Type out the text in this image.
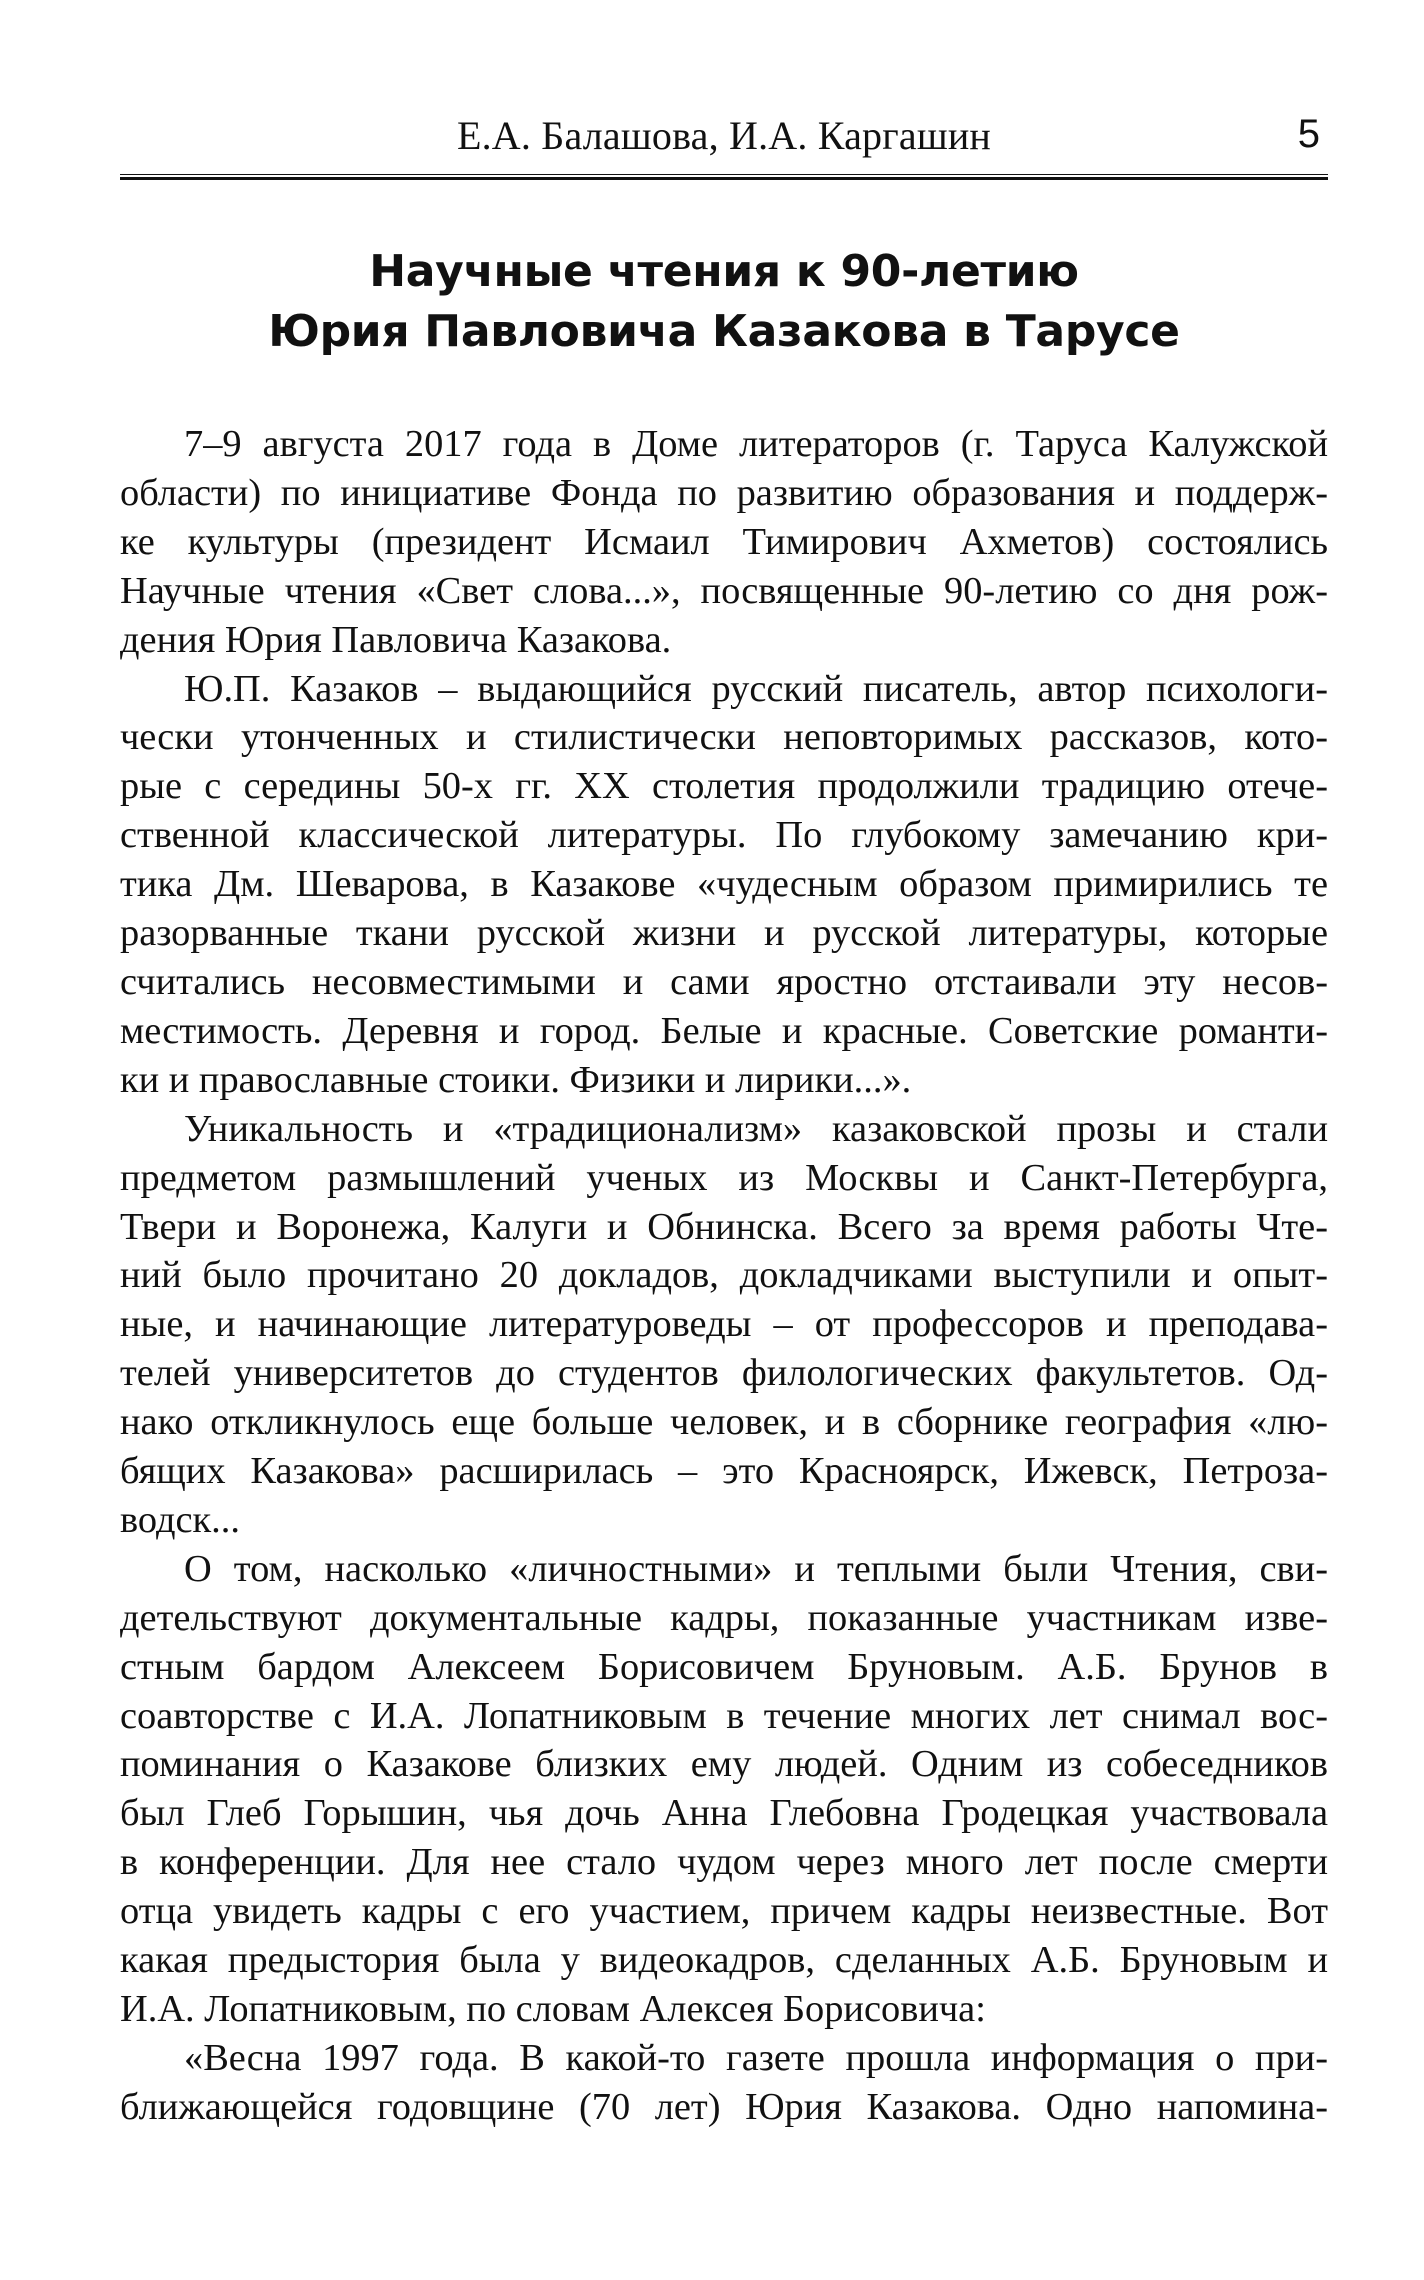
Е.А. Балашова, И.А. Каргашин	5
Научные чтения к 90-летию
Юрия Павловича Казакова в Тарусе
7–9 августа 2017 года в Доме литераторов (г. Таруса Калужской
области) по инициативе Фонда по развитию образования и поддерж-
ке культуры (президент Исмаил Тимирович Ахметов) состоялись
Научные чтения «Свет слова...», посвященные 90-летию со дня рож-
дения Юрия Павловича Казакова.
Ю.П. Казаков – выдающийся русский писатель, автор психологи-
чески утонченных и стилистически неповторимых рассказов, кото-
рые с середины 50-х гг. XX столетия продолжили традицию отече-
ственной классической литературы. По глубокому замечанию кри-
тика Дм. Шеварова, в Казакове «чудесным образом примирились те
разорванные ткани русской жизни и русской литературы, которые
считались несовместимыми и сами яростно отстаивали эту несов-
местимость. Деревня и город. Белые и красные. Советские романти-
ки и православные стоики. Физики и лирики...».
Уникальность и «традиционализм» казаковской прозы и стали
предметом размышлений ученых из Москвы и Санкт-Петербурга,
Твери и Воронежа, Калуги и Обнинска. Всего за время работы Чте-
ний было прочитано 20 докладов, докладчиками выступили и опыт-
ные, и начинающие литературоведы – от профессоров и преподава-
телей университетов до студентов филологических факультетов. Од-
нако откликнулось еще больше человек, и в сборнике география «лю-
бящих Казакова» расширилась – это Красноярск, Ижевск, Петроза-
водск...
О том, насколько «личностными» и теплыми были Чтения, сви-
детельствуют документальные кадры, показанные участникам изве-
стным бардом Алексеем Борисовичем Бруновым. А.Б. Брунов в
соавторстве с И.А. Лопатниковым в течение многих лет снимал вос-
поминания о Казакове близких ему людей. Одним из собеседников
был Глеб Горышин, чья дочь Анна Глебовна Гродецкая участвовала
в конференции. Для нее стало чудом через много лет после смерти
отца увидеть кадры с его участием, причем кадры неизвестные. Вот
какая предыстория была у видеокадров, сделанных А.Б. Бруновым и
И.А. Лопатниковым, по словам Алексея Борисовича:
«Весна 1997 года. В какой-то газете прошла информация о при-
ближающейся годовщине (70 лет) Юрия Казакова. Одно напомина-
